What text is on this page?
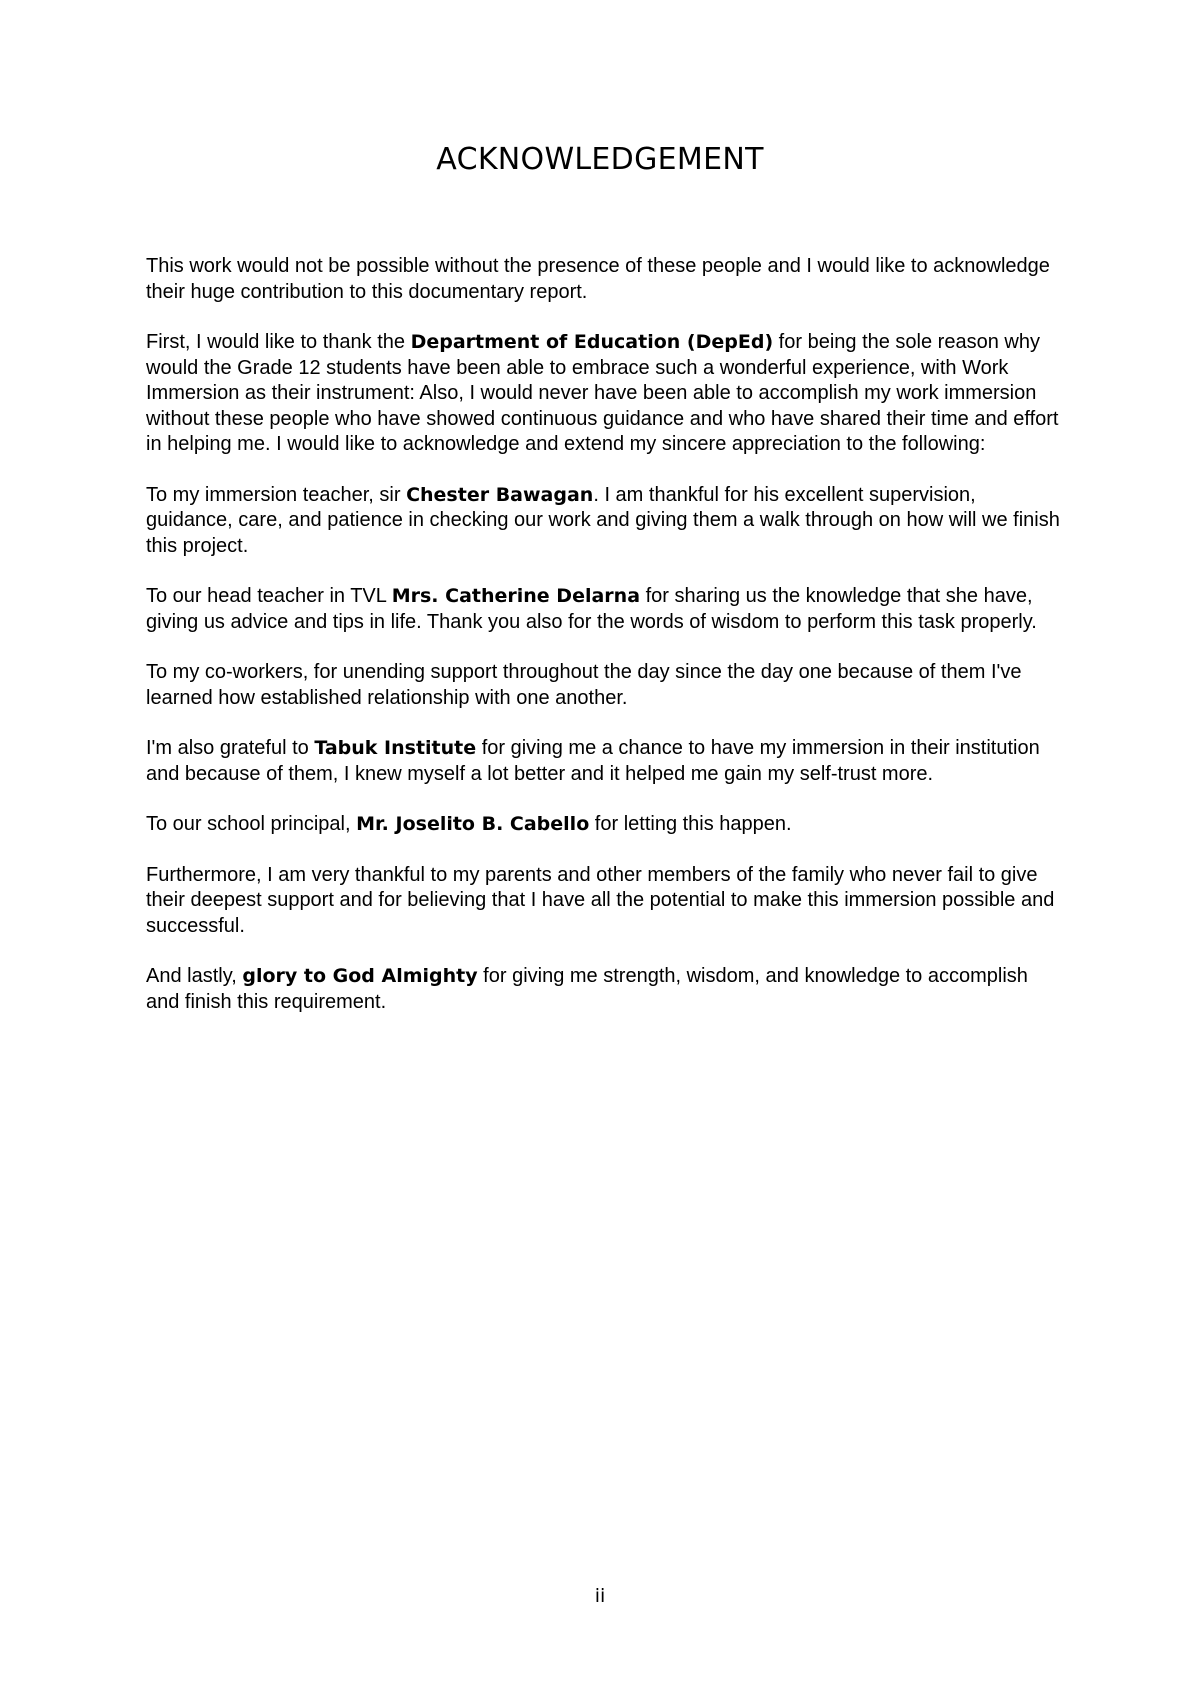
ACKNOWLEDGEMENT

This work would not be possible without the presence of these people and I would like to acknowledge their huge contribution to this documentary report.

First, I would like to thank the Department of Education (DepEd) for being the sole reason why would the Grade 12 students have been able to embrace such a wonderful experience, with Work Immersion as their instrument: Also, I would never have been able to accomplish my work immersion without these people who have showed continuous guidance and who have shared their time and effort in helping me. I would like to acknowledge and extend my sincere appreciation to the following:

To my immersion teacher, sir Chester Bawagan. I am thankful for his excellent supervision, guidance, care, and patience in checking our work and giving them a walk through on how will we finish this project.

To our head teacher in TVL Mrs. Catherine Delarna for sharing us the knowledge that she have, giving us advice and tips in life. Thank you also for the words of wisdom to perform this task properly.

To my co-workers, for unending support throughout the day since the day one because of them I've learned how established relationship with one another.

I'm also grateful to Tabuk Institute for giving me a chance to have my immersion in their institution and because of them, I knew myself a lot better and it helped me gain my self-trust more.

To our school principal, Mr. Joselito B. Cabello for letting this happen.

Furthermore, I am very thankful to my parents and other members of the family who never fail to give their deepest support and for believing that I have all the potential to make this immersion possible and successful.

And lastly, glory to God Almighty for giving me strength, wisdom, and knowledge to accomplish and finish this requirement.

ii
